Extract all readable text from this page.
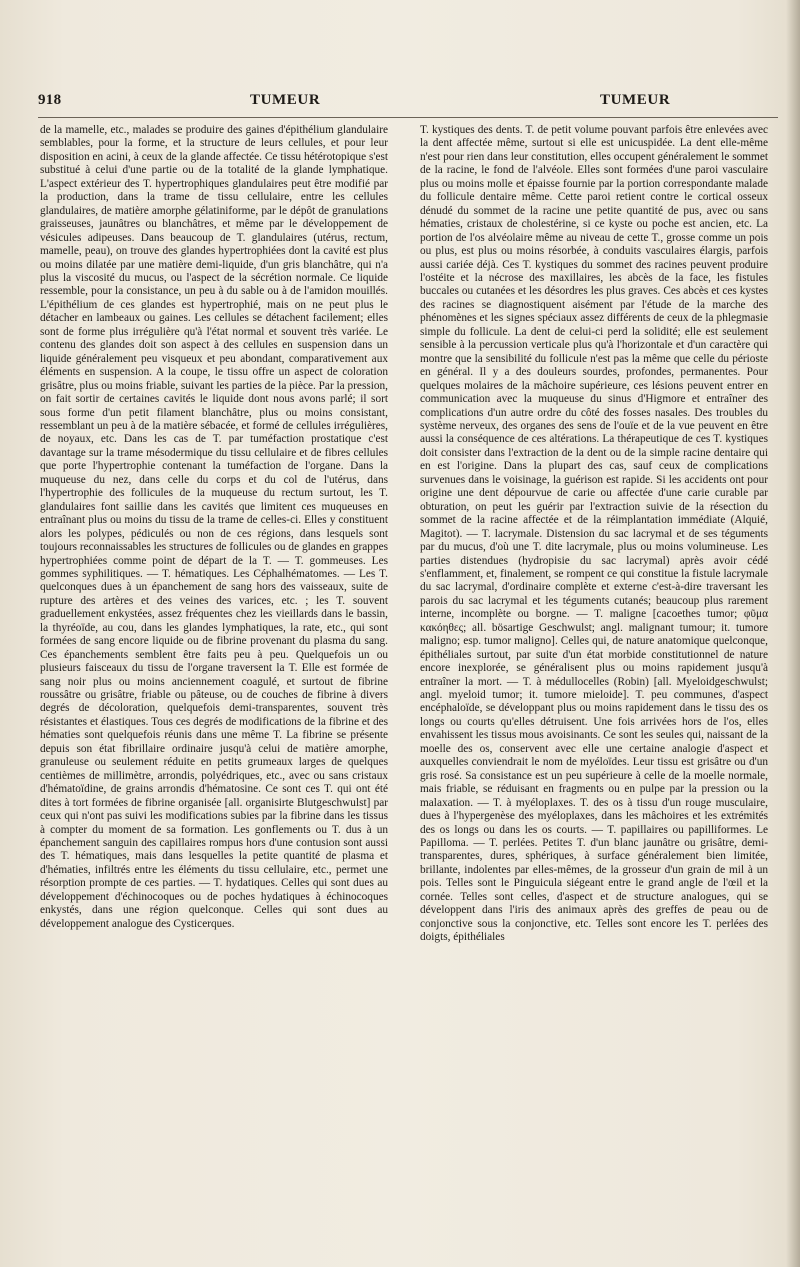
918	TUMEUR	TUMEUR

de la mamelle, etc., malades se produire des gaines d'épithélium glandulaire semblables, pour la forme, et la structure de leurs cellules, et pour leur disposition en acini, à ceux de la glande affectée. Ce tissu hétérotopique s'est substitué à celui d'une partie ou de la totalité de la glande lymphatique. L'aspect extérieur des T. hypertrophiques glandulaires peut être modifié par la production, dans la trame de tissu cellulaire, entre les cellules glandulaires, de matière amorphe gélatiniforme, par le dépôt de granulations graisseuses, jaunâtres ou blanchâtres, et même par le développement de vésicules adipeuses. Dans beaucoup de T. glandulaires (utérus, rectum, mamelle, peau), on trouve des glandes hypertrophiées dont la cavité est plus ou moins dilatée par une matière demi-liquide, d'un gris blanchâtre, qui n'a plus la viscosité du mucus, ou l'aspect de la sécrétion normale. Ce liquide ressemble, pour la consistance, un peu à du sable ou à de l'amidon mouillés. L'épithélium de ces glandes est hypertrophié, mais on ne peut plus le détacher en lambeaux ou gaines. Les cellules se détachent facilement; elles sont de forme plus irrégulière qu'à l'état normal et souvent très variée. Le contenu des glandes doit son aspect à des cellules en suspension dans un liquide généralement peu visqueux et peu abondant, comparativement aux éléments en suspension. A la coupe, le tissu offre un aspect de coloration grisâtre, plus ou moins friable, suivant les parties de la pièce. Par la pression, on fait sortir de certaines cavités le liquide dont nous avons parlé; il sort sous forme d'un petit filament blanchâtre, plus ou moins consistant, ressemblant un peu à de la matière sébacée, et formé de cellules irrégulières, de noyaux, etc. Dans les cas de T. par tuméfaction prostatique c'est davantage sur la trame mésodermique du tissu cellulaire et de fibres cellules que porte l'hypertrophie contenant la tuméfaction de l'organe. Dans la muqueuse du nez, dans celle du corps et du col de l'utérus, dans l'hypertrophie des follicules de la muqueuse du rectum surtout, les T. glandulaires font saillie dans les cavités que limitent ces muqueuses en entraînant plus ou moins du tissu de la trame de celles-ci. Elles y constituent alors les polypes, pédiculés ou non de ces régions, dans lesquels sont toujours reconnaissables les structures de follicules ou de glandes en grappes hypertrophiées comme point de départ de la T. — T. gommeuses. Les gommes syphilitiques. — T. hématiques. Les Céphalhématomes. — Les T. quelconques dues à un épanchement de sang hors des vaisseaux, suite de rupture des artères et des veines des varices, etc. ; les T. souvent graduellement enkystées, assez fréquentes chez les vieillards dans le bassin, la thyréoïde, au cou, dans les glandes lymphatiques, la rate, etc., qui sont formées de sang encore liquide ou de fibrine provenant du plasma du sang. Ces épanchements semblent être faits peu à peu. Quelquefois un ou plusieurs faisceaux du tissu de l'organe traversent la T. Elle est formée de sang noir plus ou moins anciennement coagulé, et surtout de fibrine roussâtre ou grisâtre, friable ou pâteuse, ou de couches de fibrine à divers degrés de décoloration, quelquefois demi-transparentes, souvent très résistantes et élastiques. Tous ces degrés de modifications de la fibrine et des hématies sont quelquefois réunis dans une même T. La fibrine se présente depuis son état fibrillaire ordinaire jusqu'à celui de matière amorphe, granuleuse ou seulement réduite en petits grumeaux larges de quelques centièmes de millimètre, arrondis, polyédriques, etc., avec ou sans cristaux d'hématoïdine, de grains arrondis d'hématosine. Ce sont ces T. qui ont été dites à tort formées de fibrine organisée [all. organisirte Blutgeschwulst] par ceux qui n'ont pas suivi les modifications subies par la fibrine dans les tissus à compter du moment de sa formation. Les gonflements ou T. dus à un épanchement sanguin des capillaires rompus hors d'une contusion sont aussi des T. hématiques, mais dans lesquelles la petite quantité de plasma et d'hématies, infiltrés entre les éléments du tissu cellulaire, etc., permet une résorption prompte de ces parties. — T. hydatiques. Celles qui sont dues au développement d'échinocoques ou de poches hydatiques à échinocoques enkystés, dans une région quelconque. Celles qui sont dues au développement analogue des Cysticerques.

T. kystiques des dents. T. de petit volume pouvant parfois être enlevées avec la dent affectée même, surtout si elle est unicuspidée. La dent elle-même n'est pour rien dans leur constitution, elles occupent généralement le sommet de la racine, le fond de l'alvéole. Elles sont formées d'une paroi vasculaire plus ou moins molle et épaisse fournie par la portion correspondante malade du follicule dentaire même. Cette paroi retient contre le cortical osseux dénudé du sommet de la racine une petite quantité de pus, avec ou sans hématies, cristaux de cholestérine, si ce kyste ou poche est ancien, etc. La portion de l'os alvéolaire même au niveau de cette T., grosse comme un pois ou plus, est plus ou moins résorbée, à conduits vasculaires élargis, parfois aussi cariée déjà. Ces T. kystiques du sommet des racines peuvent produire l'ostéite et la nécrose des maxillaires, les abcès de la face, les fistules buccales ou cutanées et les désordres les plus graves. Ces abcès et ces kystes des racines se diagnostiquent aisément par l'étude de la marche des phénomènes et les signes spéciaux assez différents de ceux de la phlegmasie simple du follicule. La dent de celui-ci perd la solidité; elle est seulement sensible à la percussion verticale plus qu'à l'horizontale et d'un caractère qui montre que la sensibilité du follicule n'est pas la même que celle du périoste en général. Il y a des douleurs sourdes, profondes, permanentes. Pour quelques molaires de la mâchoire supérieure, ces lésions peuvent entrer en communication avec la muqueuse du sinus d'Higmore et entraîner des complications d'un autre ordre du côté des fosses nasales. Des troubles du système nerveux, des organes des sens de l'ouïe et de la vue peuvent en être aussi la conséquence de ces altérations. La thérapeutique de ces T. kystiques doit consister dans l'extraction de la dent ou de la simple racine dentaire qui en est l'origine. Dans la plupart des cas, sauf ceux de complications survenues dans le voisinage, la guérison est rapide. Si les accidents ont pour origine une dent dépourvue de carie ou affectée d'une carie curable par obturation, on peut les guérir par l'extraction suivie de la résection du sommet de la racine affectée et de la réimplantation immédiate (Alquié, Magitot). — T. lacrymale. Distension du sac lacrymal et de ses téguments par du mucus, d'où une T. dite lacrymale, plus ou moins volumineuse. Les parties distendues (hydropisie du sac lacrymal) après avoir cédé s'enflamment, et, finalement, se rompent ce qui constitue la fistule lacrymale du sac lacrymal, d'ordinaire complète et externe c'est-à-dire traversant les parois du sac lacrymal et les téguments cutanés; beaucoup plus rarement interne, incomplète ou borgne. — T. maligne [cacoethes tumor; φῦμα κακόηθες; all. bösartige Geschwulst; angl. malignant tumour; it. tumore maligno; esp. tumor maligno]. Celles qui, de nature anatomique quelconque, épithéliales surtout, par suite d'un état morbide constitutionnel de nature encore inexplorée, se généralisent plus ou moins rapidement jusqu'à entraîner la mort. — T. à médullocelles (Robin) [all. Myeloidgeschwulst; angl. myeloid tumor; it. tumore mieloide]. T. peu communes, d'aspect encéphaloïde, se développant plus ou moins rapidement dans le tissu des os longs ou courts qu'elles détruisent. Une fois arrivées hors de l'os, elles envahissent les tissus mous avoisinants. Ce sont les seules qui, naissant de la moelle des os, conservent avec elle une certaine analogie d'aspect et auxquelles conviendrait le nom de myéloïdes. Leur tissu est grisâtre ou d'un gris rosé. Sa consistance est un peu supérieure à celle de la moelle normale, mais friable, se réduisant en fragments ou en pulpe par la pression ou la malaxation. — T. à myéloplaxes. T. des os à tissu d'un rouge musculaire, dues à l'hypergenèse des myéloplaxes, dans les mâchoires et les extrémités des os longs ou dans les os courts. — T. papillaires ou papilliformes. Le Papilloma. — T. perlées. Petites T. d'un blanc jaunâtre ou grisâtre, demi-transparentes, dures, sphériques, à surface généralement bien limitée, brillante, indolentes par elles-mêmes, de la grosseur d'un grain de mil à un pois. Telles sont le Pinguicula siégeant entre le grand angle de l'œil et la cornée. Telles sont celles, d'aspect et de structure analogues, qui se développent dans l'iris des animaux après des greffes de peau ou de conjonctive sous la conjonctive, etc. Telles sont encore les T. perlées des doigts, épithéliales
